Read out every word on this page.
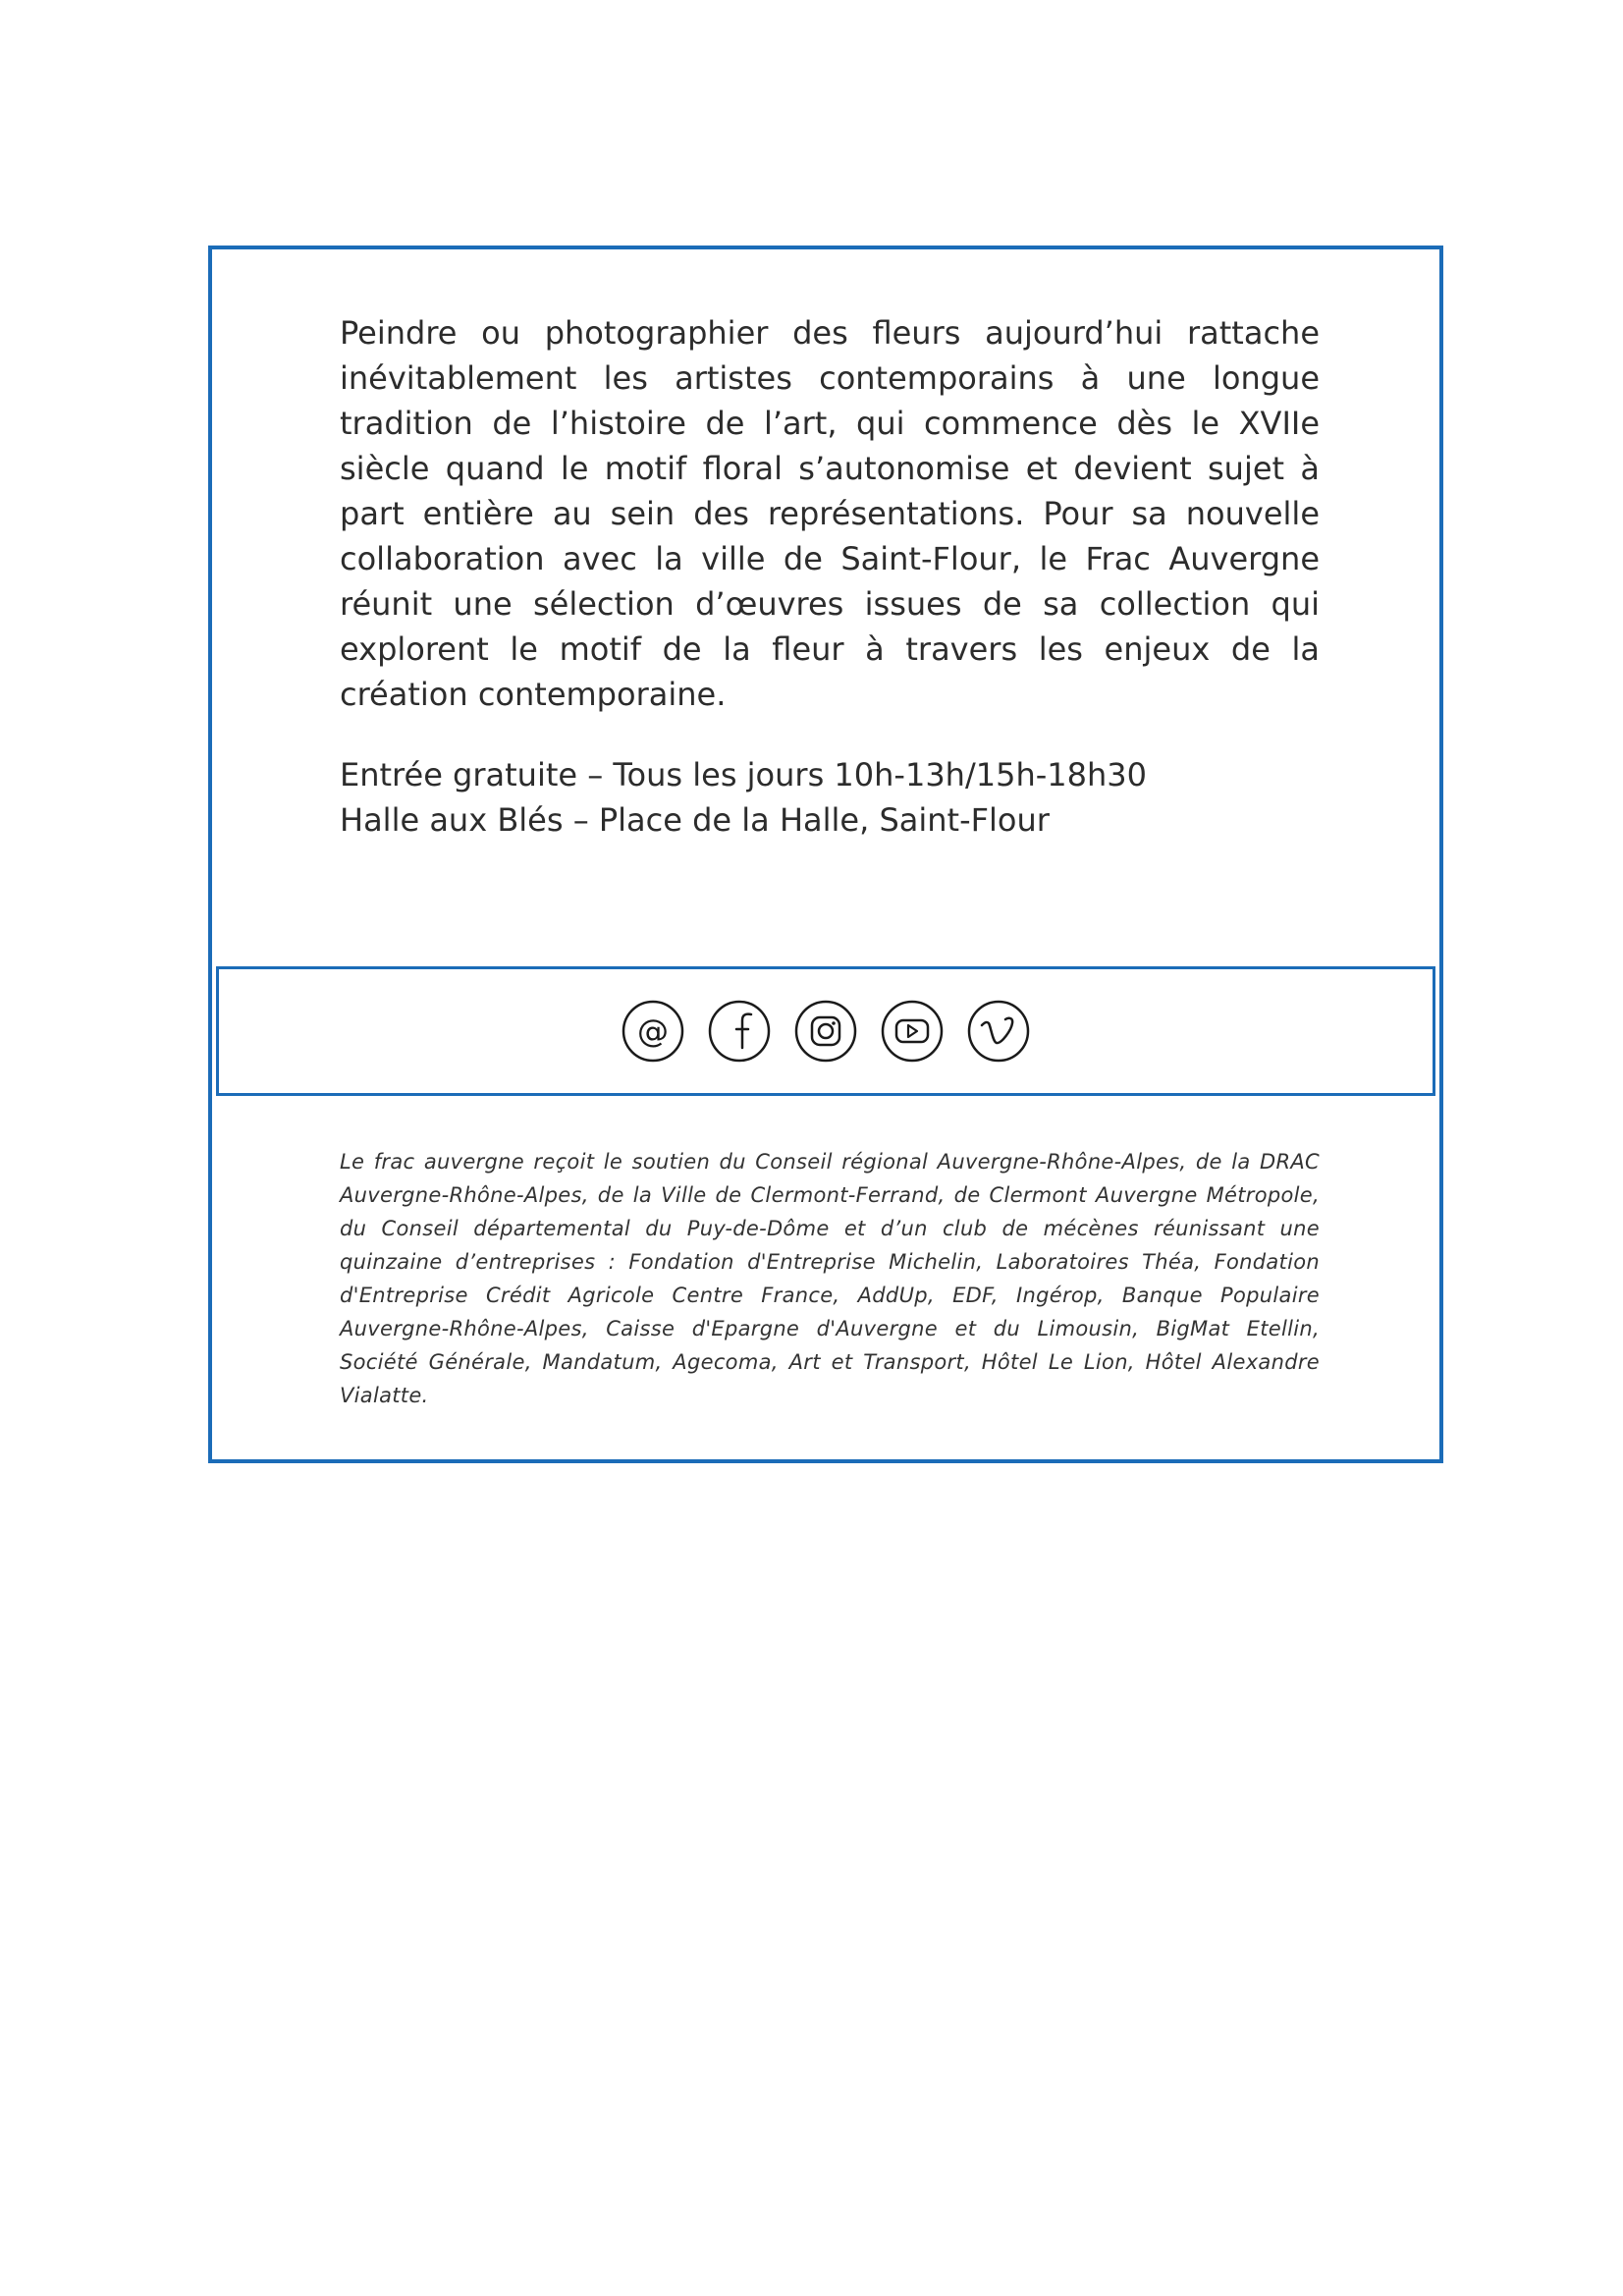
Peindre ou photographier des fleurs aujourd’hui rattache inévitablement les artistes contemporains à une longue tradition de l’histoire de l’art, qui commence dès le XVIIe siècle quand le motif floral s’autonomise et devient sujet à part entière au sein des représentations. Pour sa nouvelle collaboration avec la ville de Saint-Flour, le Frac Auvergne réunit une sélection d’œuvres issues de sa collection qui explorent le motif de la fleur à travers les enjeux de la création contemporaine.

Entrée gratuite – Tous les jours 10h-13h/15h-18h30

Halle aux Blés – Place de la Halle, Saint-Flour

@

Le frac auvergne reçoit le soutien du Conseil régional Auvergne-Rhône-Alpes, de la DRAC Auvergne-Rhône-Alpes, de la Ville de Clermont-Ferrand, de Clermont Auvergne Métropole, du Conseil départemental du Puy-de-Dôme et d’un club de mécènes réunissant une quinzaine d’entreprises : Fondation d'Entreprise Michelin, Laboratoires Théa, Fondation d'Entreprise Crédit Agricole Centre France, AddUp, EDF, Ingérop, Banque Populaire Auvergne-Rhône-Alpes, Caisse d'Epargne d'Auvergne et du Limousin, BigMat Etellin, Société Générale, Mandatum, Agecoma, Art et Transport, Hôtel Le Lion, Hôtel Alexandre Vialatte.
